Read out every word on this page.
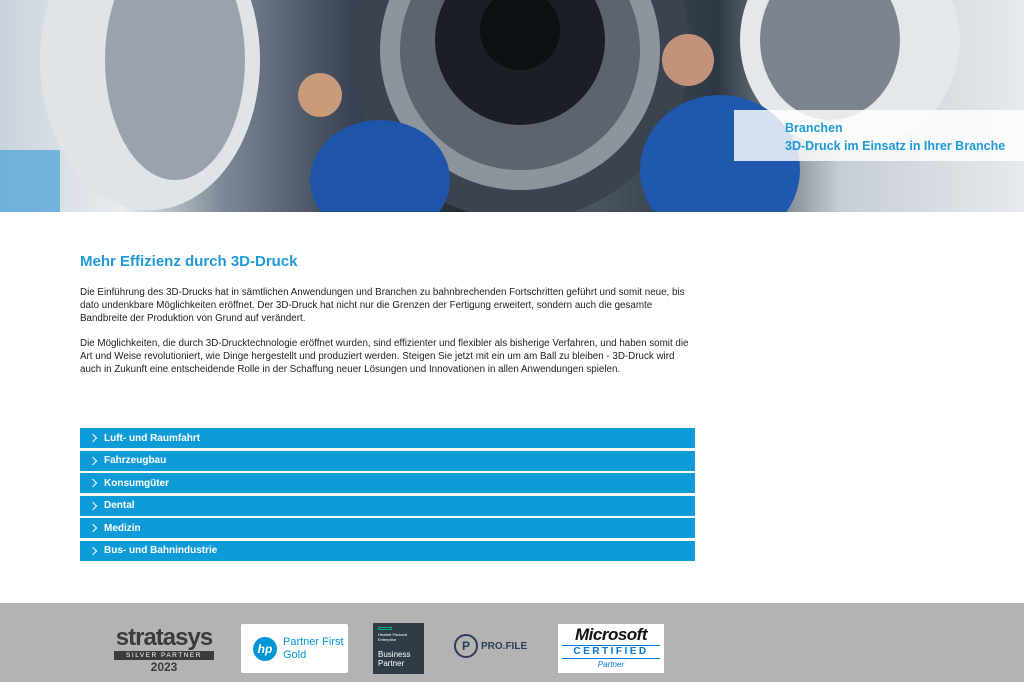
Branchen
3D-Druck im Einsatz in Ihrer Branche
Mehr Effizienz durch 3D-Druck

Die Einführung des 3D-Drucks hat in sämtlichen Anwendungen und Branchen zu bahnbrechenden Fortschritten geführt und somit neue, bis dato undenkbare Möglichkeiten eröffnet. Der 3D-Druck hat nicht nur die Grenzen der Fertigung erweitert, sondern auch die gesamte Bandbreite der Produktion von Grund auf verändert.

Die Möglichkeiten, die durch 3D-Drucktechnologie eröffnet wurden, sind effizienter und flexibler als bisherige Verfahren, und haben somit die Art und Weise revolutioniert, wie Dinge hergestellt und produziert werden. Steigen Sie jetzt mit ein um am Ball zu bleiben - 3D-Druck wird auch in Zukunft eine entscheidende Rolle in der Schaffung neuer Lösungen und Innovationen in allen Anwendungen spielen.

Luft- und Raumfahrt
Fahrzeugbau
Konsumgüter
Dental
Medizin
Bus- und Bahnindustrie
stratasys
SILVER PARTNER
2023
hp Partner First
Gold
Hewlett Packard
Enterprise
Business
Partner
P	PRO.FILE
Microsoft
CERTIFIED
Partner
